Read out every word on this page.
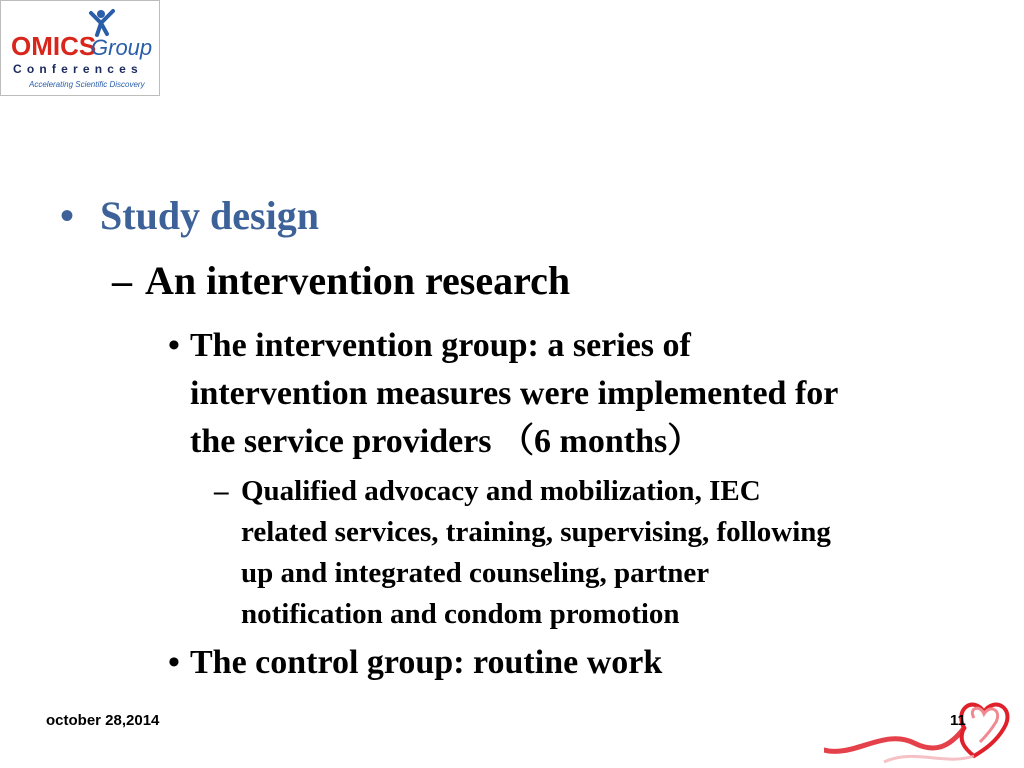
OMICS
Group
Conferences
Accelerating Scientific Discovery
• Study design
– An intervention research
• The intervention group: a series of
intervention measures were implemented for
the service providers （6 months）
– Qualified advocacy and mobilization, IEC
related services, training, supervising, following
up and integrated counseling, partner
notification and condom promotion
• The control group: routine work
october 28,2014	11
